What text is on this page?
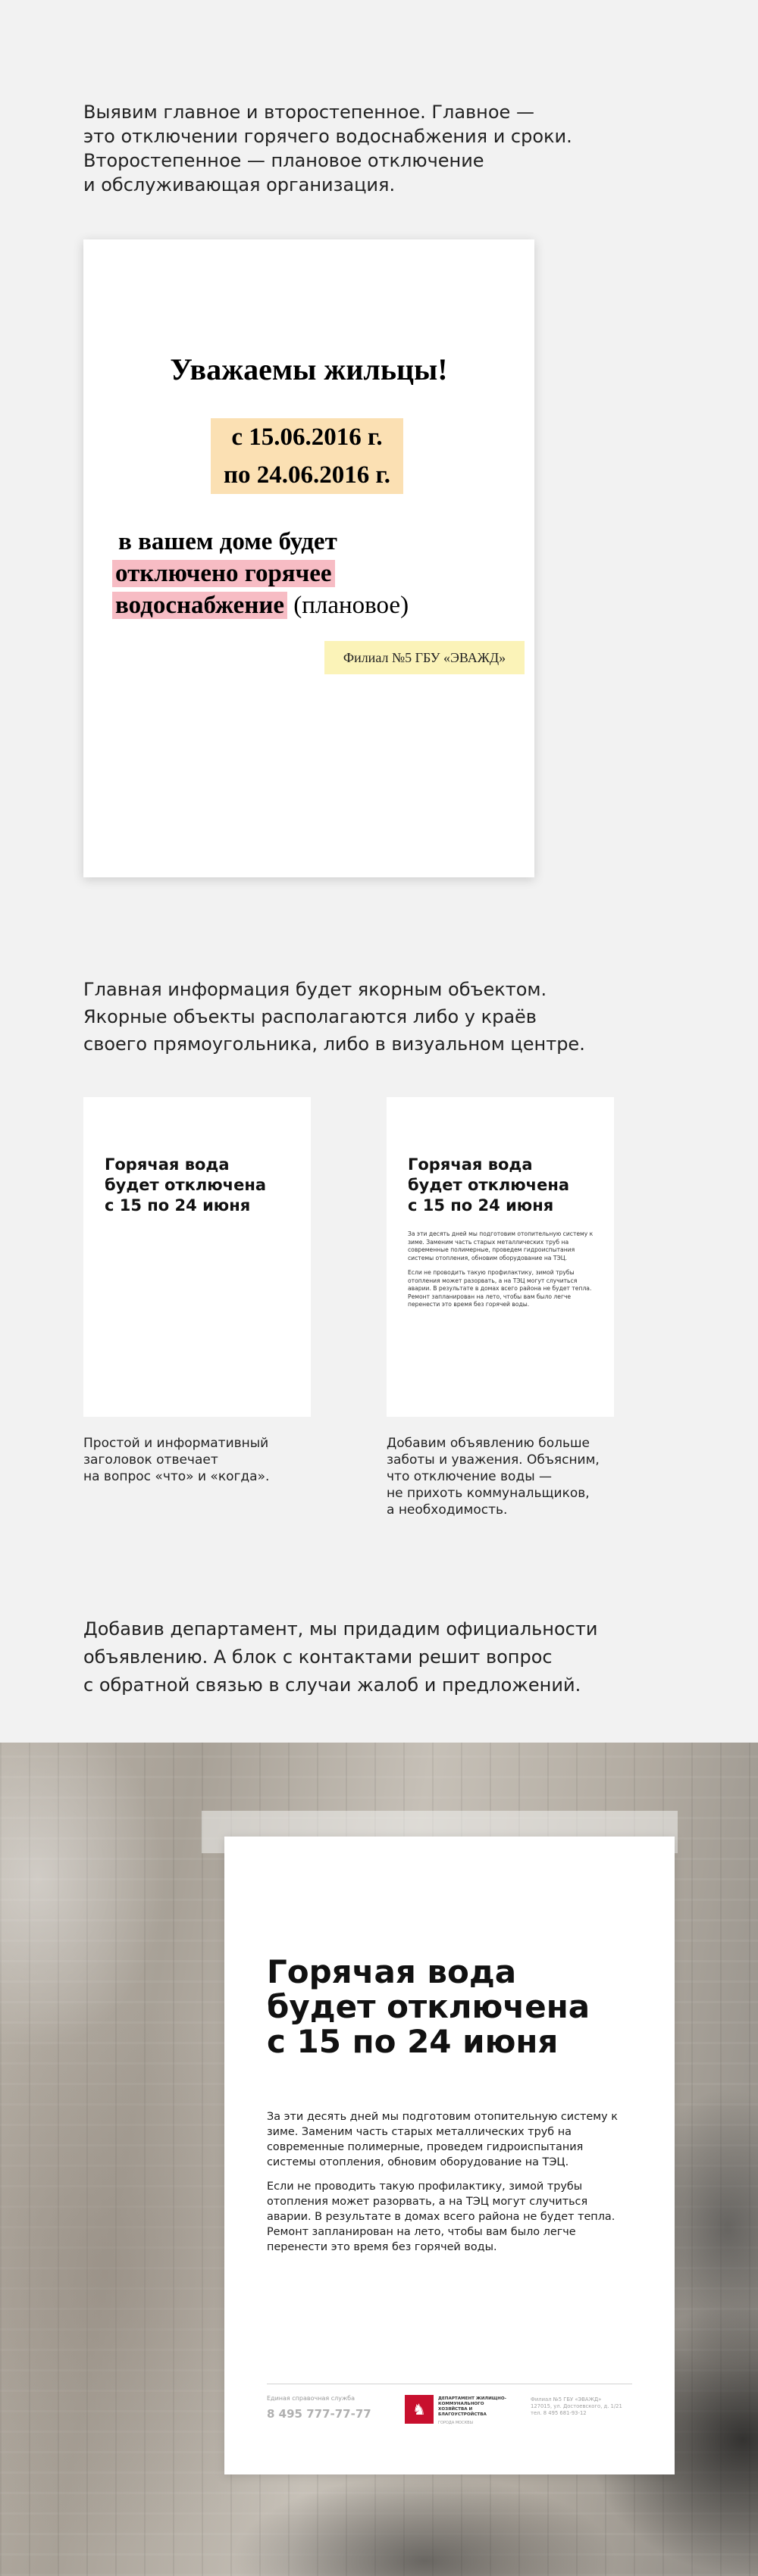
Выявим главное и второстепенное. Главное —
это отключении горячего водоснабжения и сроки.
Второстепенное — плановое отключение
и обслуживающая организация.
Уважаемы жильцы!
с 15.06.2016 г.
по 24.06.2016 г.
в вашем доме будет
отключено горячее
водоснабжение (плановое)
Филиал №5 ГБУ «ЭВАЖД»
Главная информация будет якорным объектом.
Якорные объекты располагаются либо у краёв
своего прямоугольника, либо в визуальном центре.
Горячая вода
будет отключена
с 15 по 24 июня
Горячая вода
будет отключена
с 15 по 24 июня

За эти десять дней мы подготовим отопительную систему к зиме. Заменим часть старых металлических труб на современные полимерные, проведем гидроиспытания системы отопления, обновим оборудование на ТЭЦ.

Если не проводить такую профилактику, зимой трубы отопления может разорвать, а на ТЭЦ могут случиться аварии. В результате в домах всего района не будет тепла. Ремонт запланирован на лето, чтобы вам было легче перенести это время без горячей воды.

Простой и информативный
заголовок отвечает
на вопрос «что» и «когда».
Добавим объявлению больше
заботы и уважения. Объясним,
что отключение воды —
не прихоть коммунальщиков,
а необходимость.
Добавив департамент, мы придадим официальности
объявлению. А блок с контактами решит вопрос
с обратной связью в случаи жалоб и предложений.
Горячая вода
будет отключена
с 15 по 24 июня

За эти десять дней мы подготовим отопительную систему к зиме. Заменим часть старых металлических труб на современные полимерные, проведем гидроиспытания системы отопления, обновим оборудование на ТЭЦ.

Если не проводить такую профилактику, зимой трубы отопления может разорвать, а на ТЭЦ могут случиться аварии. В результате в домах всего района не будет тепла. Ремонт запланирован на лето, чтобы вам было легче перенести это время без горячей воды.

Единая справочная служба
8 495 777-77-77	♞
ДЕПАРТАМЕНТ ЖИЛИЩНО-КОММУНАЛЬНОГО ХОЗЯЙСТВА И БЛАГОУСТРОЙСТВА
ГОРОДА МОСКВЫ
Филиал №5 ГБУ «ЭВАЖД»
127015, ул. Достоевского, д. 1/21
тел. 8 495 681-93-12
